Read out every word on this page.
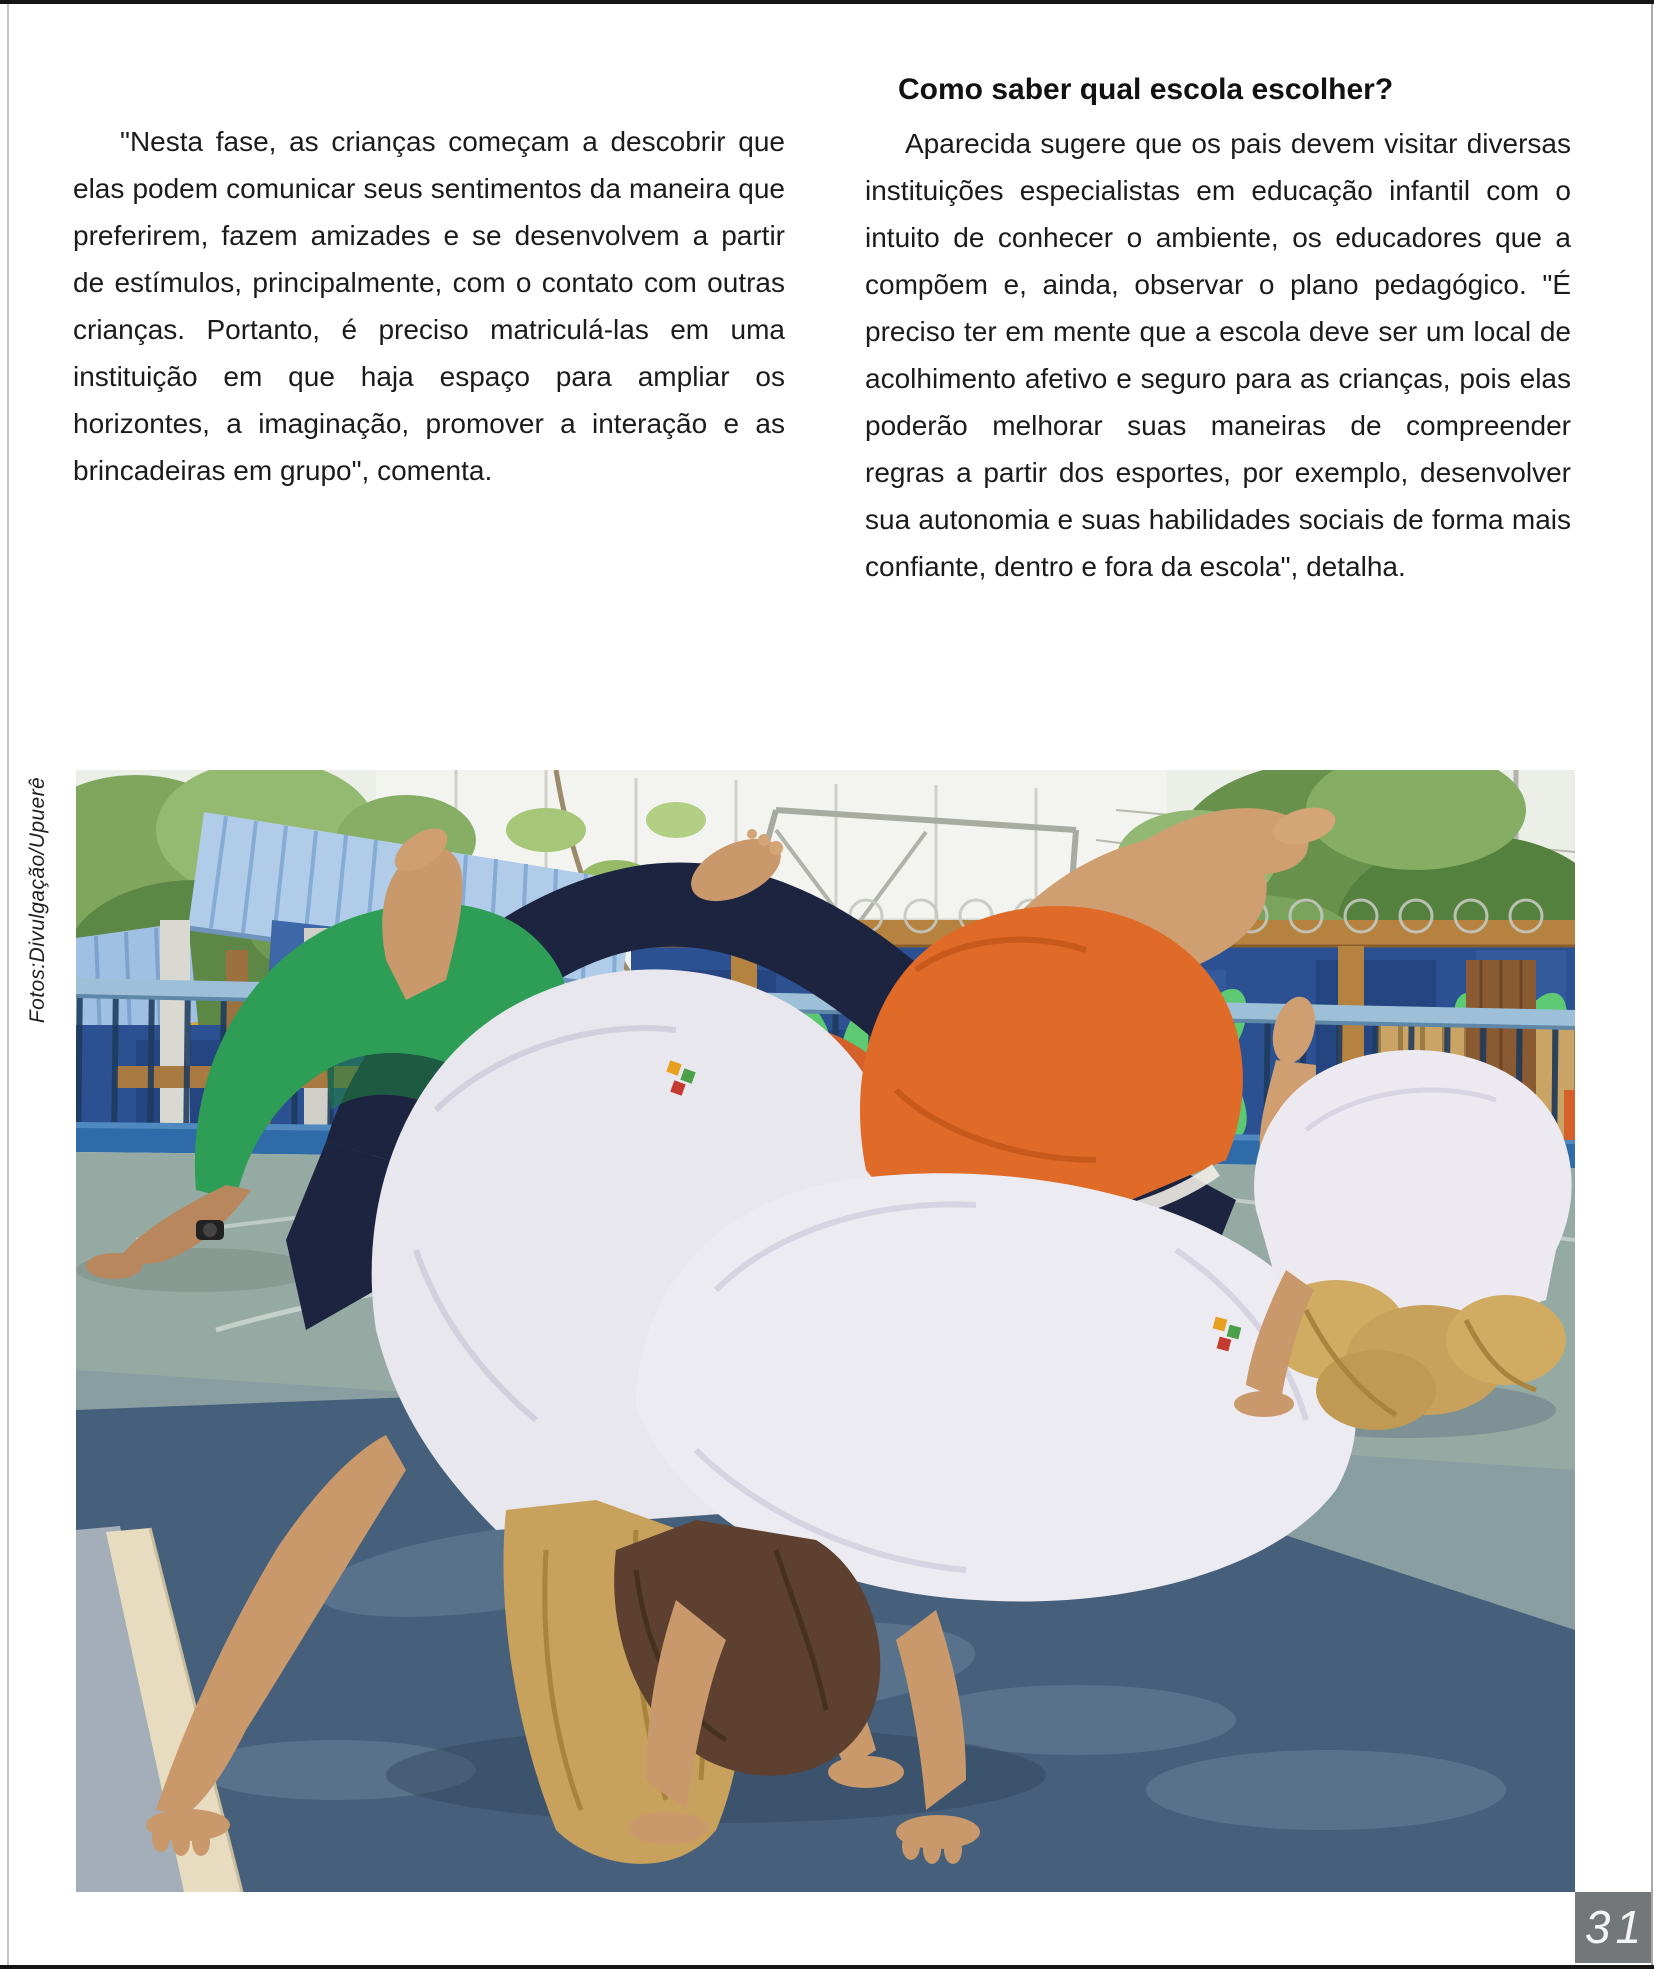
"Nesta fase, as crianças começam a descobrir que elas podem comunicar seus sentimentos da maneira que preferirem, fazem amizades e se desenvolvem a partir de estímulos, principalmente, com o contato com outras crianças. Portanto, é preciso matriculá-las em uma instituição em que haja espaço para ampliar os horizontes, a imaginação, promover a interação e as brincadeiras em grupo", comenta.
Como saber qual escola escolher?
Aparecida sugere que os pais devem visitar diversas instituições especialistas em educação infantil com o intuito de conhecer o ambiente, os educadores que a compõem e, ainda, observar o plano pedagógico. "É preciso ter em mente que a escola deve ser um local de acolhimento afetivo e seguro para as crianças, pois elas poderão melhorar suas maneiras de compreender regras a partir dos esportes, por exemplo, desenvolver sua autonomia e suas habilidades sociais de forma mais confiante, dentro e fora da escola", detalha.
Fotos:Divulgação/Upuerê
31
